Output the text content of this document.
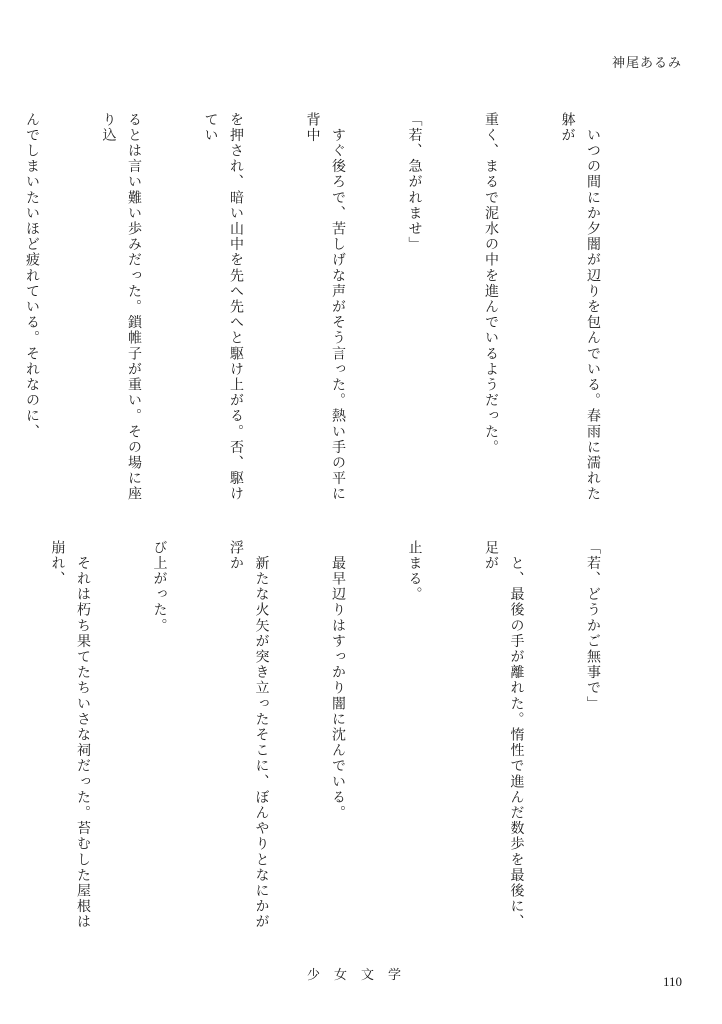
神尾あるみ

　いつの間にか夕闇が辺りを包んでいる。春雨に濡れた躰が

重く、まるで泥水の中を進んでいるようだった。

「若、急がれませ」

　すぐ後ろで、苦しげな声がそう言った。熱い手の平に背中

を押され、暗い山中を先へ先へと駆け上がる。否、駆けてい

るとは言い難い歩みだった。鎖帷子が重い。その場に座り込

んでしまいたいほど疲れている。それなのに、

「若、どうかご無事で」

　と、最後の手が離れた。惰性で進んだ数歩を最後に、足が

止まる。

　最早辺りはすっかり闇に沈んでいる。

　新たな火矢が突き立ったそこに、ぼんやりとなにかが浮か

び上がった。

　それは朽ち果てたちいさな祠だった。苔むした屋根は崩れ、

少女文学	110
